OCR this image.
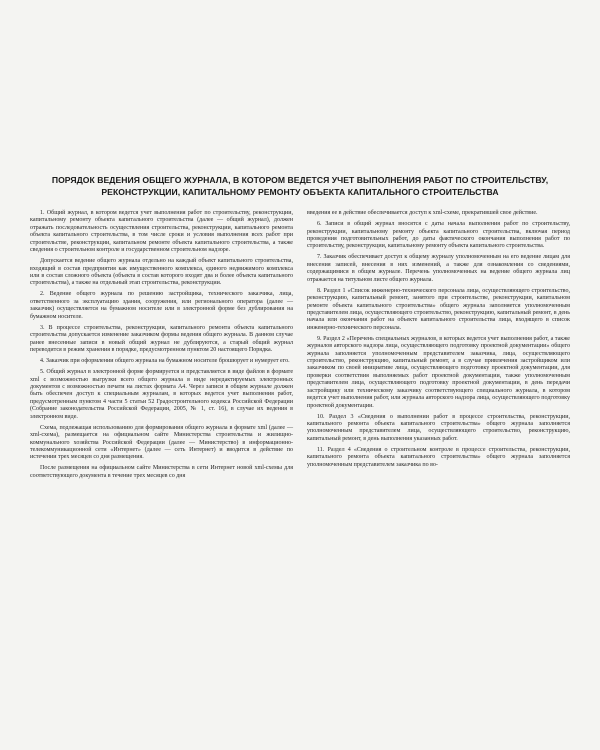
ПОРЯДОК ВЕДЕНИЯ ОБЩЕГО ЖУРНАЛА, В КОТОРОМ ВЕДЕТСЯ УЧЕТ ВЫПОЛНЕНИЯ РАБОТ ПО СТРОИТЕЛЬСТВУ,
РЕКОНСТРУКЦИИ, КАПИТАЛЬНОМУ РЕМОНТУ ОБЪЕКТА КАПИТАЛЬНОГО СТРОИТЕЛЬСТВА

1. Общий журнал, в котором ведется учет выполнения работ по строительству, реконструкции, капитальному ремонту объекта капитального строительства (далее — общий журнал), должен отражать последовательность осуществления строительства, реконструкции, капитального ремонта объекта капитального строительства, в том числе сроки и условия выполнения всех работ при строительстве, реконструкции, капитальном ремонте объекта капитального строительства, а также сведения о строительном контроле и государственном строительном надзоре.

Допускается ведение общего журнала отдельно на каждый объект капитального строительства, входящий в состав предприятия как имущественного комплекса, единого недвижимого комплекса или в состав сложного объекта (объекта в состав которого входят два и более объекта капитального строительства), а также на отдельный этап строительства, реконструкции.

2. Ведение общего журнала по решению застройщика, технического заказчика, лица, ответственного за эксплуатацию здания, сооружения, или регионального оператора (далее — заказчик) осуществляется на бумажном носителе или в электронной форме без дублирования на бумажном носителе.

3. В процессе строительства, реконструкции, капитального ремонта объекта капитального строительства допускается изменение заказчиком формы ведения общего журнала. В данном случае ранее внесенные записи в новый общий журнал не дублируются, а старый общий журнал переводится в режим хранения в порядке, предусмотренном пунктом 20 настоящего Порядка.

4. Заказчик при оформлении общего журнала на бумажном носителе брошюрует и нумерует его.

5. Общий журнал в электронной форме формируется и представляется в виде файлов в формате xml с возможностью выгрузки всего общего журнала в виде нередактируемых электронных документов с возможностью печати на листах формата А4. Через записи в общем журнале должен быть обеспечен доступ к специальным журналам, в которых ведется учет выполнения работ, предусмотренным пунктом 4 части 5 статьи 52 Градостроительного кодекса Российской Федерации (Собрание законодательства Российской Федерации, 2005, № 1, ст. 16), в случае их ведения в электронном виде.

Схема, подлежащая использованию для формирования общего журнала в формате xml (далее — xml-схема), размещается на официальном сайте Министерства строительства и жилищно-коммунального хозяйства Российской Федерации (далее — Министерство) в информационно-телекоммуникационной сети «Интернет» (далее — сеть Интернет) и вводится в действие по истечении трех месяцев со дня размещения.

После размещения на официальном сайте Министерства в сети Интернет новой xml-схемы для соответствующего документа в течение трех месяцев со дня

введения ее в действие обеспечивается доступ к xml-схеме, прекратившей свое действие.

6. Записи в общий журнал вносятся с даты начала выполнения работ по строительству, реконструкции, капитальному ремонту объекта капитального строительства, включая период проведения подготовительных работ, до даты фактического окончания выполнения работ по строительству, реконструкции, капитальному ремонту объекта капитального строительства.

7. Заказчик обеспечивает доступ к общему журналу уполномоченным на его ведение лицам для внесения записей, внесения в них изменений, а также для ознакомления со сведениями, содержащимися в общем журнале. Перечень уполномоченных на ведение общего журнала лиц отражается на титульном листе общего журнала.

8. Раздел 1 «Список инженерно-технического персонала лица, осуществляющего строительство, реконструкцию, капитальный ремонт, занятого при строительстве, реконструкции, капитальном ремонте объекта капитального строительства» общего журнала заполняется уполномоченным представителем лица, осуществляющего строительство, реконструкцию, капитальный ремонт, в день начала или окончания работ на объекте капитального строительства лица, входящего в список инженерно-технического персонала.

9. Раздел 2 «Перечень специальных журналов, в которых ведется учет выполнения работ, а также журналов авторского надзора лица, осуществляющего подготовку проектной документации» общего журнала заполняется уполномоченным представителем заказчика, лица, осуществляющего строительство, реконструкцию, капитальный ремонт, а в случае привлечения застройщиком или заказчиком по своей инициативе лица, осуществляющего подготовку проектной документации, для проверки соответствия выполняемых работ проектной документации, также уполномоченным представителем лица, осуществляющего подготовку проектной документации, в день передачи застройщику или техническому заказчику соответствующего специального журнала, в котором ведется учет выполнения работ, или журнала авторского надзора лица, осуществляющего подготовку проектной документации.

10. Раздел 3 «Сведения о выполнении работ в процессе строительства, реконструкции, капитального ремонта объекта капитального строительства» общего журнала заполняется уполномоченным представителем лица, осуществляющего строительство, реконструкцию, капитальный ремонт, в день выполнения указанных работ.

11. Раздел 4 «Сведения о строительном контроле в процессе строительства, реконструкции, капитального ремонта объекта капитального строительства» общего журнала заполняется уполномоченным представителем заказчика по во-
